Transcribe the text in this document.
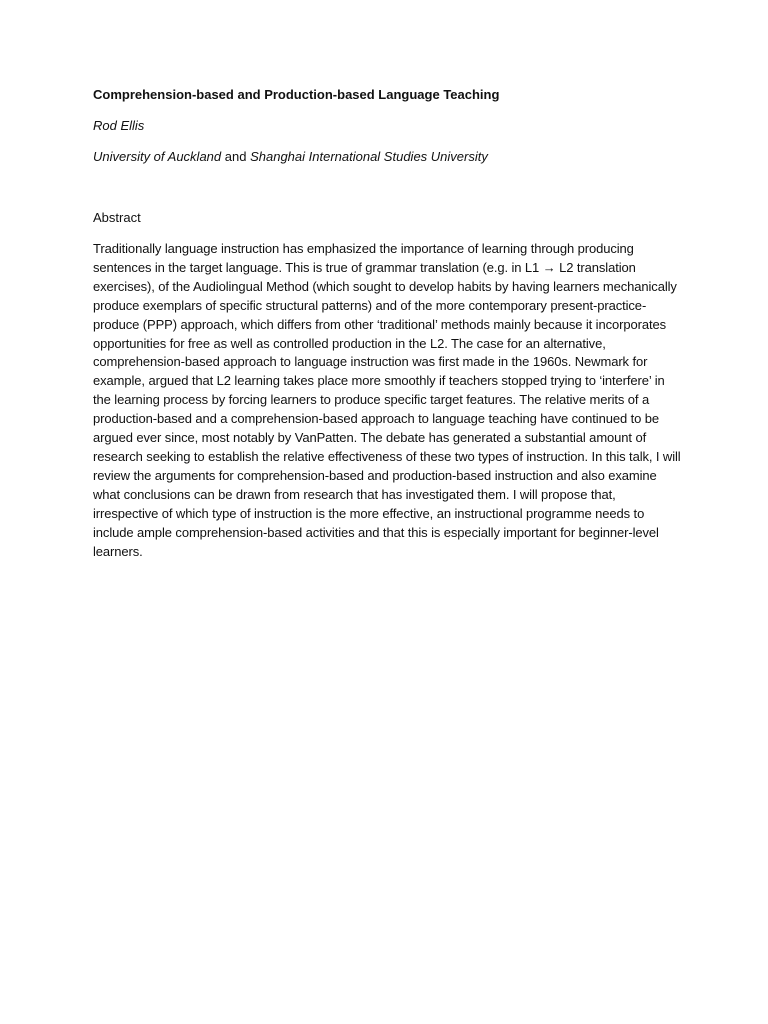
Comprehension-based and Production-based Language Teaching

Rod Ellis

University of Auckland and Shanghai International Studies University

Abstract

Traditionally language instruction has emphasized the importance of learning through producing sentences in the target language. This is true of grammar translation (e.g. in L1 → L2 translation exercises), of the Audiolingual Method (which sought to develop habits by having learners mechanically produce exemplars of specific structural patterns) and of the more contemporary present-practice-produce (PPP) approach, which differs from other ‘traditional’ methods mainly because it incorporates opportunities for free as well as controlled production in the L2. The case for an alternative, comprehension-based approach to language instruction was first made in the 1960s. Newmark for example, argued that L2 learning takes place more smoothly if teachers stopped trying to ‘interfere’ in the learning process by forcing learners to produce specific target features. The relative merits of a production-based and a comprehension-based approach to language teaching have continued to be argued ever since, most notably by VanPatten. The debate has generated a substantial amount of research seeking to establish the relative effectiveness of these two types of instruction. In this talk, I will review the arguments for comprehension-based and production-based instruction and also examine what conclusions can be drawn from research that has investigated them. I will propose that, irrespective of which type of instruction is the more effective, an instructional programme needs to include ample comprehension-based activities and that this is especially important for beginner-level learners.
